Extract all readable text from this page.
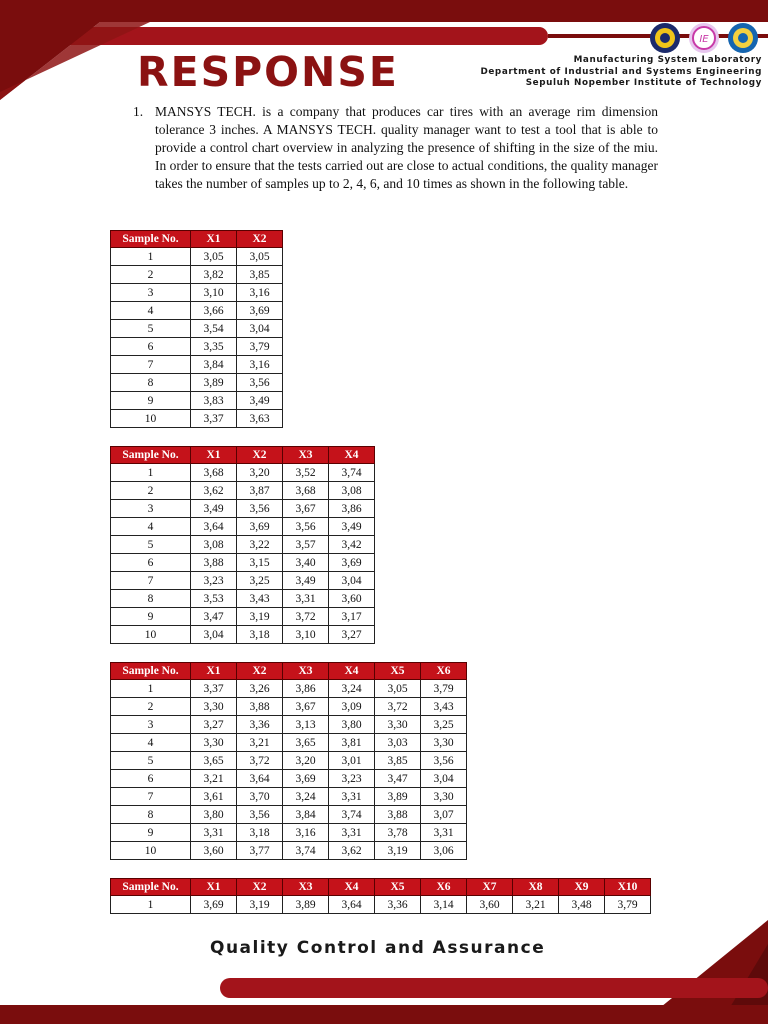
RESPONSE
IE
Manufacturing System Laboratory
Department of Industrial and Systems Engineering
Sepuluh Nopember Institute of Technology
1. MANSYS TECH. is a company that produces car tires with an average rim dimension tolerance 3 inches. A MANSYS TECH. quality manager want to test a tool that is able to provide a control chart overview in analyzing the presence of shifting in the size of the miu. In order to ensure that the tests carried out are close to actual conditions, the quality manager takes the number of samples up to 2, 4, 6, and 10 times as shown in the following table.
Sample No.	X1	X2
1	3,05	3,05
2	3,82	3,85
3	3,10	3,16
4	3,66	3,69
5	3,54	3,04
6	3,35	3,79
7	3,84	3,16
8	3,89	3,56
9	3,83	3,49
10	3,37	3,63
Sample No.	X1	X2	X3	X4
1	3,68	3,20	3,52	3,74
2	3,62	3,87	3,68	3,08
3	3,49	3,56	3,67	3,86
4	3,64	3,69	3,56	3,49
5	3,08	3,22	3,57	3,42
6	3,88	3,15	3,40	3,69
7	3,23	3,25	3,49	3,04
8	3,53	3,43	3,31	3,60
9	3,47	3,19	3,72	3,17
10	3,04	3,18	3,10	3,27
Sample No.	X1	X2	X3	X4	X5	X6
1	3,37	3,26	3,86	3,24	3,05	3,79
2	3,30	3,88	3,67	3,09	3,72	3,43
3	3,27	3,36	3,13	3,80	3,30	3,25
4	3,30	3,21	3,65	3,81	3,03	3,30
5	3,65	3,72	3,20	3,01	3,85	3,56
6	3,21	3,64	3,69	3,23	3,47	3,04
7	3,61	3,70	3,24	3,31	3,89	3,30
8	3,80	3,56	3,84	3,74	3,88	3,07
9	3,31	3,18	3,16	3,31	3,78	3,31
10	3,60	3,77	3,74	3,62	3,19	3,06
Sample No.	X1	X2	X3	X4	X5	X6	X7	X8	X9	X10
1	3,69	3,19	3,89	3,64	3,36	3,14	3,60	3,21	3,48	3,79
Quality Control and Assurance
